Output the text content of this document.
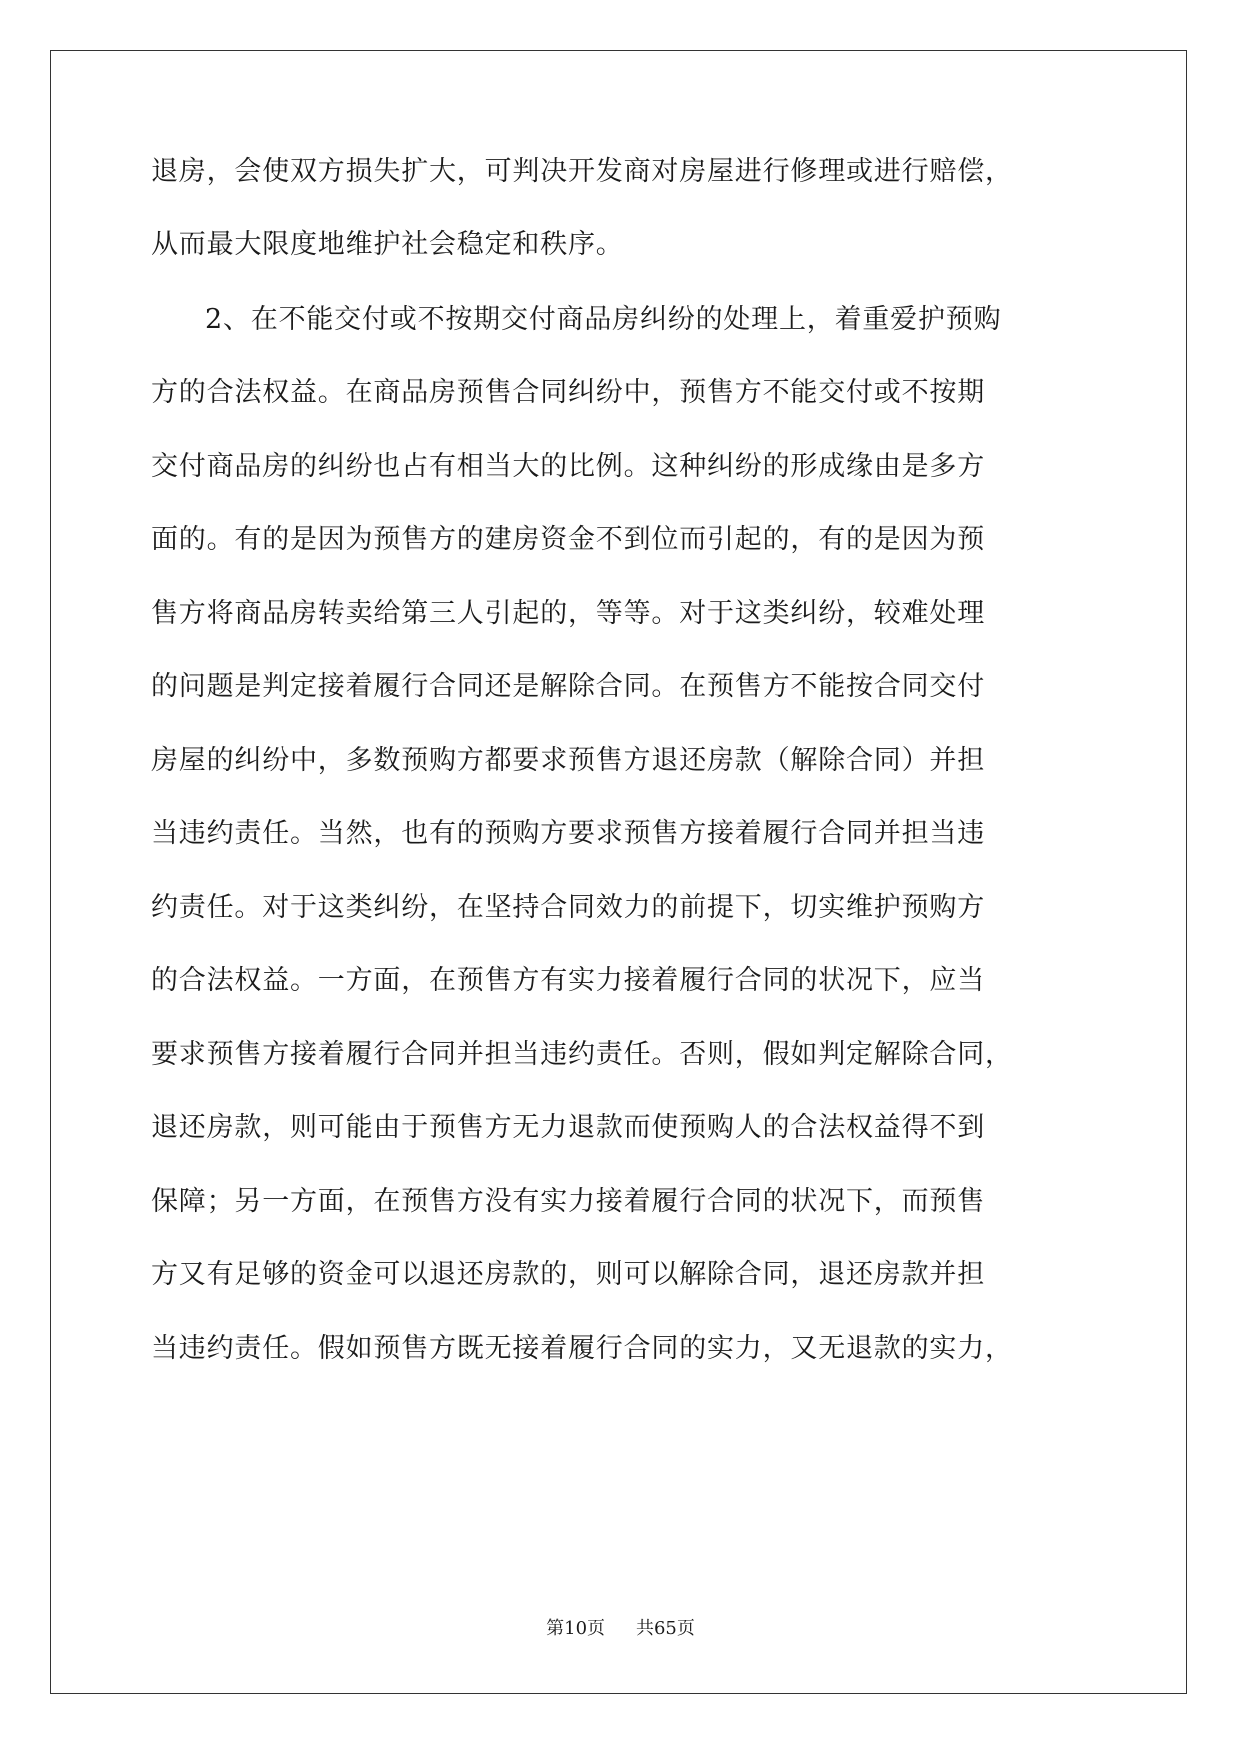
退房，会使双方损失扩大，可判决开发商对房屋进行修理或进行赔偿，
从而最大限度地维护社会稳定和秩序。
2、在不能交付或不按期交付商品房纠纷的处理上，着重爱护预购
方的合法权益。在商品房预售合同纠纷中，预售方不能交付或不按期
交付商品房的纠纷也占有相当大的比例。这种纠纷的形成缘由是多方
面的。有的是因为预售方的建房资金不到位而引起的，有的是因为预
售方将商品房转卖给第三人引起的，等等。对于这类纠纷，较难处理
的问题是判定接着履行合同还是解除合同。在预售方不能按合同交付
房屋的纠纷中，多数预购方都要求预售方退还房款（解除合同）并担
当违约责任。当然，也有的预购方要求预售方接着履行合同并担当违
约责任。对于这类纠纷，在坚持合同效力的前提下，切实维护预购方
的合法权益。一方面，在预售方有实力接着履行合同的状况下，应当
要求预售方接着履行合同并担当违约责任。否则，假如判定解除合同，
退还房款，则可能由于预售方无力退款而使预购人的合法权益得不到
保障；另一方面，在预售方没有实力接着履行合同的状况下，而预售
方又有足够的资金可以退还房款的，则可以解除合同，退还房款并担
当违约责任。假如预售方既无接着履行合同的实力，又无退款的实力，
第10页 共65页
